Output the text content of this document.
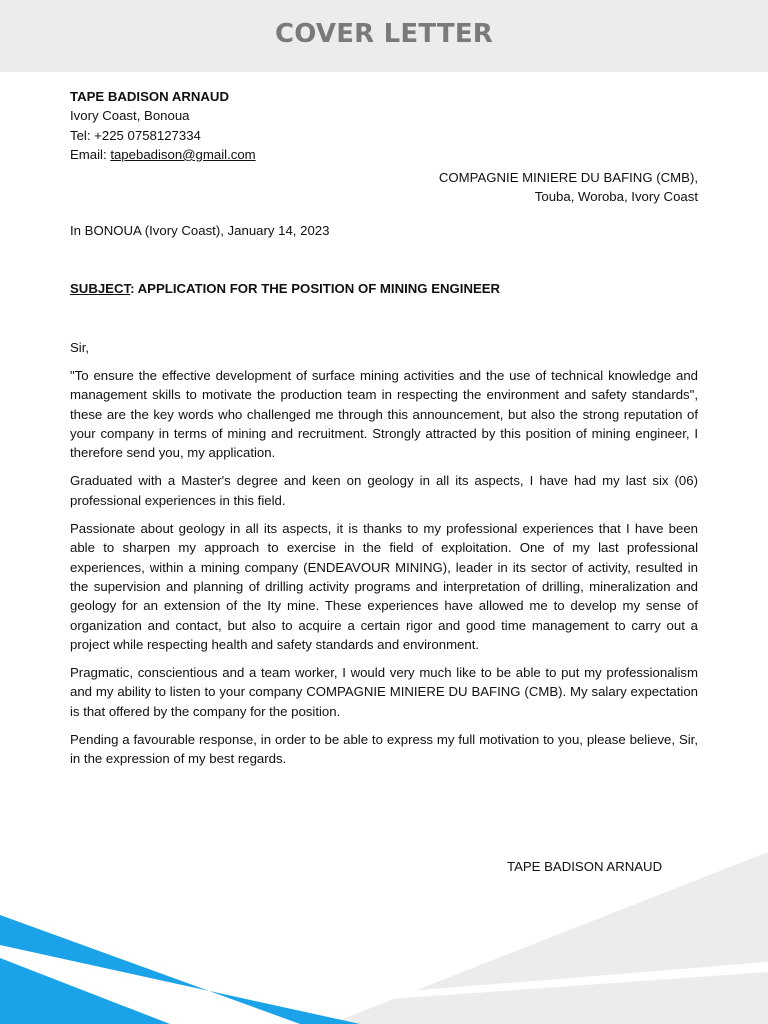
COVER LETTER
TAPE BADISON ARNAUD
Ivory Coast, Bonoua
Tel: +225 0758127334
Email: tapebadison@gmail.com
COMPAGNIE MINIERE DU BAFING (CMB),
Touba, Woroba, Ivory Coast
In BONOUA (Ivory Coast), January 14, 2023
SUBJECT: APPLICATION FOR THE POSITION OF MINING ENGINEER
Sir,

"To ensure the effective development of surface mining activities and the use of technical knowledge and management skills to motivate the production team in respecting the environment and safety standards", these are the key words who challenged me through this announcement, but also the strong reputation of your company in terms of mining and recruitment. Strongly attracted by this position of mining engineer, I therefore send you, my application.

Graduated with a Master's degree and keen on geology in all its aspects, I have had my last six (06) professional experiences in this field.

Passionate about geology in all its aspects, it is thanks to my professional experiences that I have been able to sharpen my approach to exercise in the field of exploitation. One of my last professional experiences, within a mining company (ENDEAVOUR MINING), leader in its sector of activity, resulted in the supervision and planning of drilling activity programs and interpretation of drilling, mineralization and geology for an extension of the Ity mine. These experiences have allowed me to develop my sense of organization and contact, but also to acquire a certain rigor and good time management to carry out a project while respecting health and safety standards and environment.

Pragmatic, conscientious and a team worker, I would very much like to be able to put my professionalism and my ability to listen to your company COMPAGNIE MINIERE DU BAFING (CMB). My salary expectation is that offered by the company for the position.

Pending a favourable response, in order to be able to express my full motivation to you, please believe, Sir, in the expression of my best regards.

TAPE BADISON ARNAUD
